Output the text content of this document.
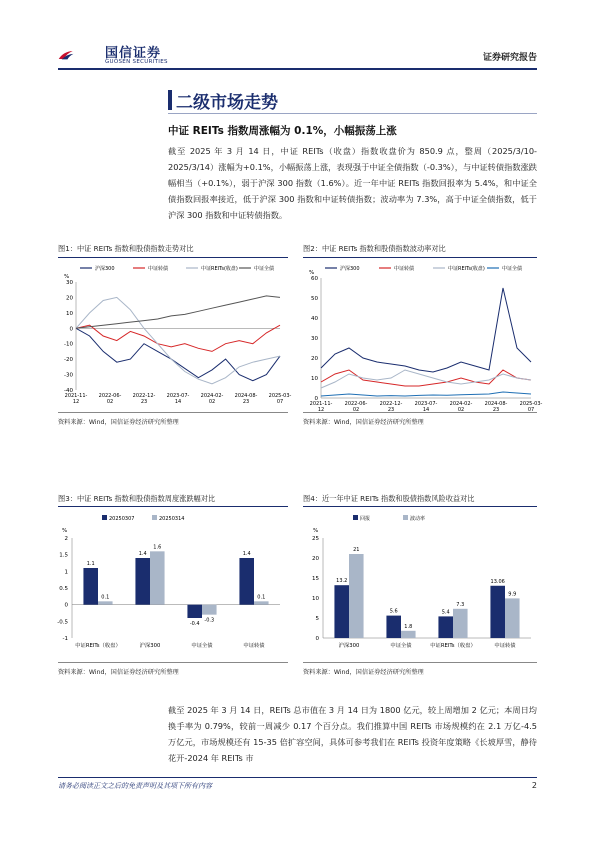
国信证券
GUOSEN SECURITIES	证券研究报告
二级市场走势
中证 REITs 指数周涨幅为 0.1%，小幅振荡上涨
截至 2025 年 3 月 14 日，中证 REITs（收盘）指数收盘价为 850.9 点，整周（2025/3/10-2025/3/14）涨幅为+0.1%，小幅振荡上涨，表现强于中证全债指数（-0.3%），与中证转债指数涨跌幅相当（+0.1%），弱于沪深 300 指数（1.6%）。近一年中证 REITs 指数回报率为 5.4%，和中证全债指数回报率接近，低于沪深 300 指数和中证转债指数；波动率为 7.3%，高于中证全债指数，低于沪深 300 指数和中证转债指数。
图1：中证 REITs 指数和股债指数走势对比
沪深300	中证转债	中证REITs(收盘)	中证全债
%
30
20
10
0
-10
-20
-30
-40
2021-11-12
2022-06-02
2022-12-23
2023-07-14
2024-02-02
2024-08-23
2025-03-07
资料来源：Wind，国信证券经济研究所整理
图2：中证 REITs 指数和股债指数波动率对比
沪深300	中证转债	中证REITs(收盘)	中证全债
%
60
50
40
30
20
10
0
2021-11-12
2022-06-02
2022-12-23
2023-07-14
2024-02-02
2024-08-23
2025-03-07
资料来源：Wind，国信证券经济研究所整理
图3：中证 REITs 指数和股债指数周度涨跌幅对比
20250307	20250314
%
2
1.5
1
0.5
0
-0.5
-1
中证REITs（收盘）
1.1
0.1
沪深300
1.4
1.6
中证全债
-0.4
-0.3
中证转债
1.4
0.1
资料来源：Wind，国信证券经济研究所整理
图4：近一年中证 REITs 指数和股债指数风险收益对比
回报	波动率
%
25
20
15
10
5
0
沪深300
13.2
21
中证全债
5.6
1.8
中证REITs（收盘）
5.4
7.3
中证转债
13.06
9.9
资料来源：Wind，国信证券经济研究所整理
截至 2025 年 3 月 14 日，REITs 总市值在 3 月 14 日为 1800 亿元，较上周增加 2 亿元；本周日均换手率为 0.79%，较前一周减少 0.17 个百分点。我们推算中国 REITs 市场规模约在 2.1 万亿-4.5 万亿元，市场规模还有 15-35 倍扩容空间，具体可参考我们在 REITs 投资年度策略《长坡厚雪，静待花开-2024 年 REITs 市
请务必阅读正文之后的免责声明及其项下所有内容	2
